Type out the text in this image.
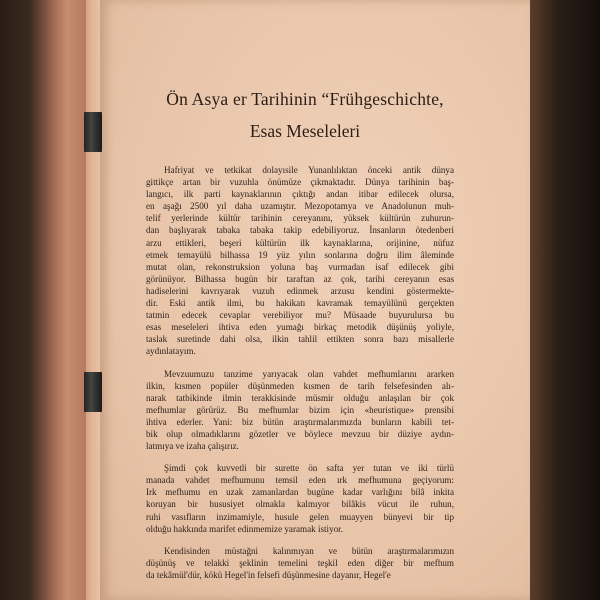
Ön Asya er Tarihinin “Frühgeschichte,
Esas Meseleleri

Hafriyat ve tetkikat dolayısile Yunanlılıktan önceki antik dünya
gittikçe artan bir vuzuhla önümüze çıkmaktadır. Dünya tarihinin baş-
langıcı, ilk parti kaynaklarının çıktığı andan itibar edilecek olursa,
en aşağı 2500 yıl daha uzamıştır. Mezopotamya ve Anadolunun muh-
telif yerlerinde kültür tarihinin cereyanını, yüksek kültürün zuhurun-
dan başlıyarak tabaka tabaka takip edebiliyoruz. İnsanların ötedenberi
arzu ettikleri, beşeri kültürün ilk kaynaklarına, orijinine, nüfuz
etmek temayülü bilhassa 19 yüz yılın sonlarına doğru ilim âleminde
mutat olan, rekonstruksion yoluna baş vurmadan isaf edilecek gibi
görünüyor. Bilhassa bugün bir taraftan az çok, tarihi cereyanın esas
hadiselerini kavrıyarak vuzuh edinmek arzusu kendini göstermekte-
dir. Eski antik ilmi, bu hakikatı kavramak temayülünü gerçekten
tatmin edecek cevaplar verebiliyor mu? Müsaade buyurulursa bu
esas meseleleri ihtiva eden yumağı birkaç metodik düşünüş yoliyle,
taslak suretinde dahi olsa, ilkin tahlil ettikten sonra bazı misallerle
aydınlatayım.

Mevzuumuzu tanzime yarıyacak olan vahdet mefhumlarını ararken
ilkin, kısmen popüler düşünmeden kısmen de tarih felsefesinden alı-
narak tatbikinde ilmin terakkisinde müsmir olduğu anlaşılan bir çok
mefhumlar görürüz. Bu mefhumlar bizim için «heuristique» prensibi
ihtiva ederler. Yani: biz bütün araştırmalarımızda bunların kabili tet-
bik olup olmadıklarını gözetler ve böylece mevzuu bir düziye aydın-
latmıya ve izaha çalışırız.

Şimdi çok kuvvetli bir surette ön safta yer tutan ve iki türlü
manada vahdet mefhumunu temsil eden ırk mefhumuna geçiyorum:
Irk mefhumu en uzak zamanlardan bugüne kadar varlığını bilâ inkita
koruyan bir hususiyet olmakla kalmıyor bilâkis vücut ile ruhun,
ruhi vasıfların inzimamiyle, husule gelen muayyen bünyevi bir tip
olduğu hakkında marifet edinmemize yaramak istiyor.

Kendisinden müstağni kalınmıyan ve bütün araştırmalarımızın
düşünüş ve telakki şeklinin temelini teşkil eden diğer bir mefhum
da tekâmül'dür, kökü Hegel'in felsefi düşünmesine dayanır, Hegel'e
